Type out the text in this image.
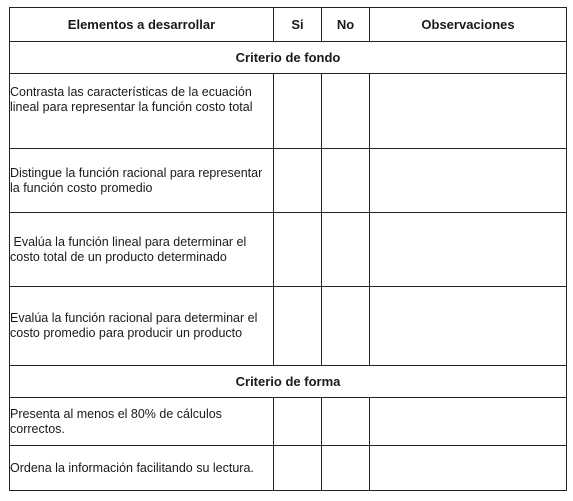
Elementos a desarrollar	Si	No	Observaciones
Criterio de fondo			
Contrasta las características de la ecuación lineal para representar la función costo total			
Distingue la función racional para representar la función costo promedio			
Evalúa la función lineal para determinar el costo total de un producto determinado			
Evalúa la función racional para determinar el costo promedio para producir un producto			
Criterio de forma			
Presenta al menos el 80% de cálculos correctos.			
Ordena la información facilitando su lectura.			
